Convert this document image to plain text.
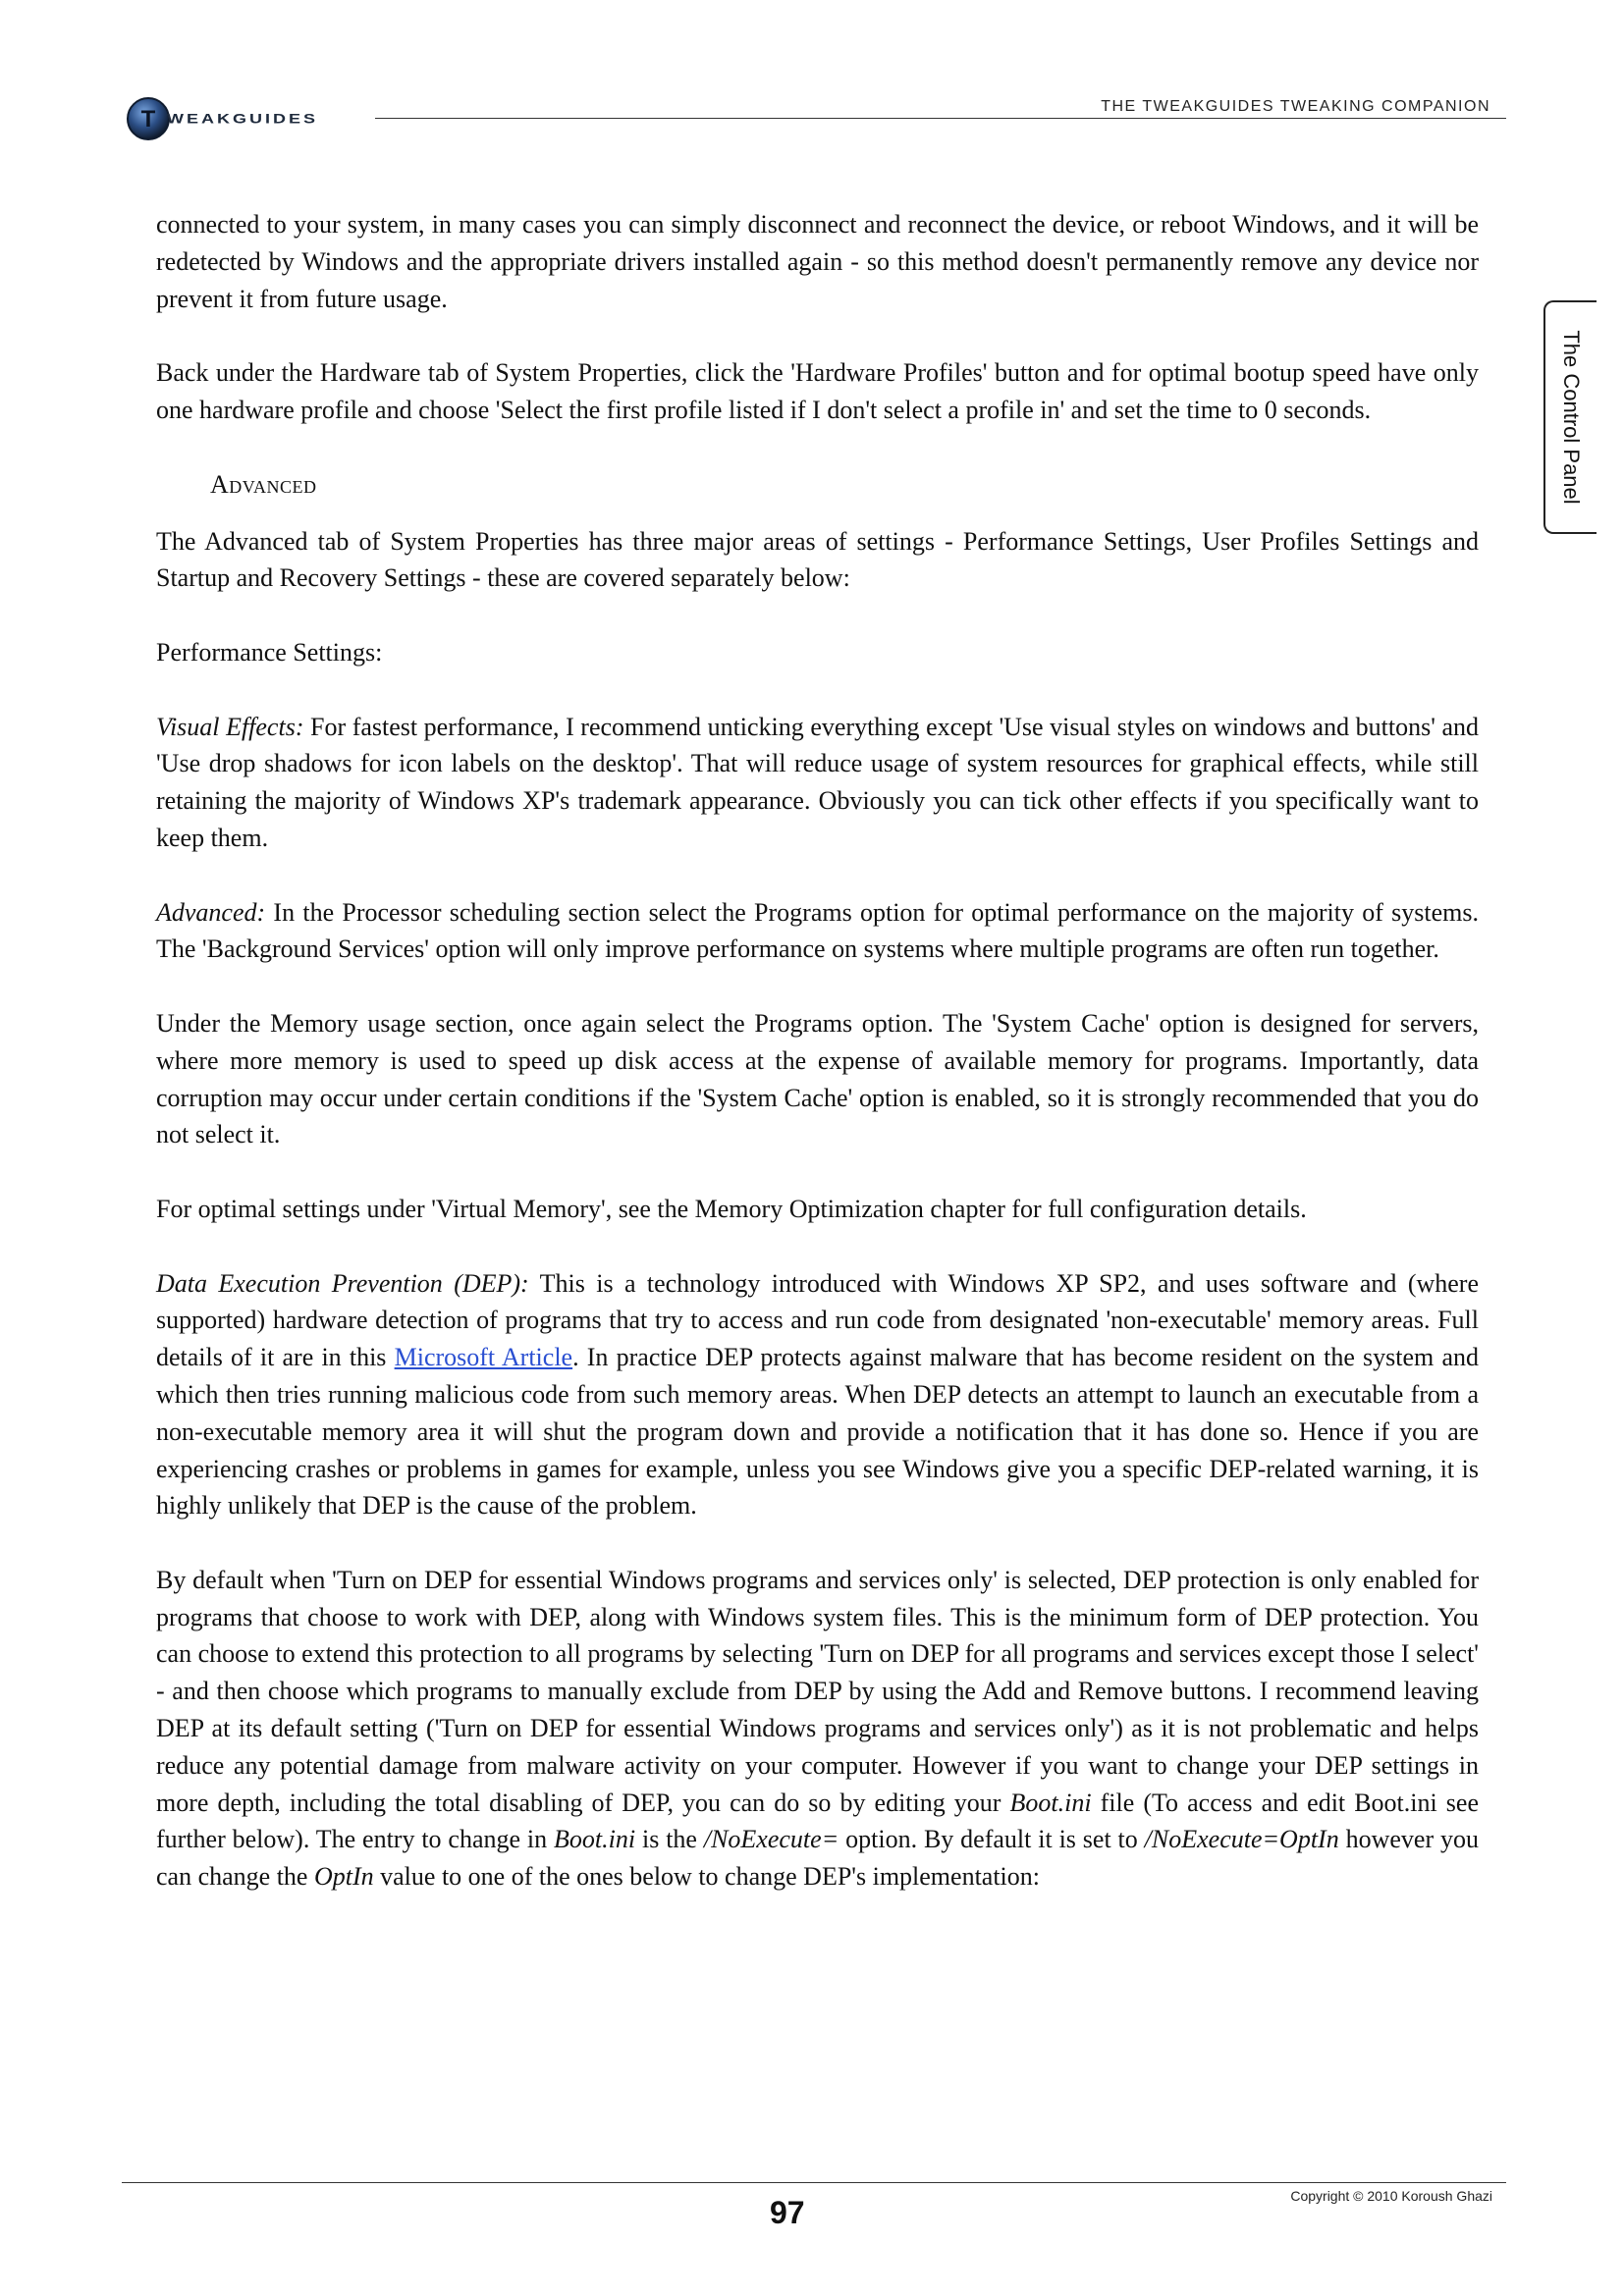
T WEAKGUIDES
THE TWEAKGUIDES TWEAKING COMPANION
The Control Panel

connected to your system, in many cases you can simply disconnect and reconnect the device, or reboot Windows, and it will be redetected by Windows and the appropriate drivers installed again - so this method doesn't permanently remove any device nor prevent it from future usage.

Back under the Hardware tab of System Properties, click the 'Hardware Profiles' button and for optimal bootup speed have only one hardware profile and choose 'Select the first profile listed if I don't select a profile in' and set the time to 0 seconds.

Advanced

The Advanced tab of System Properties has three major areas of settings - Performance Settings, User Profiles Settings and Startup and Recovery Settings - these are covered separately below:

Performance Settings:

Visual Effects: For fastest performance, I recommend unticking everything except 'Use visual styles on windows and buttons' and 'Use drop shadows for icon labels on the desktop'. That will reduce usage of system resources for graphical effects, while still retaining the majority of Windows XP's trademark appearance. Obviously you can tick other effects if you specifically want to keep them.

Advanced: In the Processor scheduling section select the Programs option for optimal performance on the majority of systems. The 'Background Services' option will only improve performance on systems where multiple programs are often run together.

Under the Memory usage section, once again select the Programs option. The 'System Cache' option is designed for servers, where more memory is used to speed up disk access at the expense of available memory for programs. Importantly, data corruption may occur under certain conditions if the 'System Cache' option is enabled, so it is strongly recommended that you do not select it.

For optimal settings under 'Virtual Memory', see the Memory Optimization chapter for full configuration details.

Data Execution Prevention (DEP): This is a technology introduced with Windows XP SP2, and uses software and (where supported) hardware detection of programs that try to access and run code from designated 'non-executable' memory areas. Full details of it are in this Microsoft Article. In practice DEP protects against malware that has become resident on the system and which then tries running malicious code from such memory areas. When DEP detects an attempt to launch an executable from a non-executable memory area it will shut the program down and provide a notification that it has done so. Hence if you are experiencing crashes or problems in games for example, unless you see Windows give you a specific DEP-related warning, it is highly unlikely that DEP is the cause of the problem.

By default when 'Turn on DEP for essential Windows programs and services only' is selected, DEP protection is only enabled for programs that choose to work with DEP, along with Windows system files. This is the minimum form of DEP protection. You can choose to extend this protection to all programs by selecting 'Turn on DEP for all programs and services except those I select' - and then choose which programs to manually exclude from DEP by using the Add and Remove buttons. I recommend leaving DEP at its default setting ('Turn on DEP for essential Windows programs and services only') as it is not problematic and helps reduce any potential damage from malware activity on your computer. However if you want to change your DEP settings in more depth, including the total disabling of DEP, you can do so by editing your Boot.ini file (To access and edit Boot.ini see further below). The entry to change in Boot.ini is the /NoExecute= option. By default it is set to /NoExecute=OptIn however you can change the OptIn value to one of the ones below to change DEP's implementation:

Copyright © 2010 Koroush Ghazi
97
